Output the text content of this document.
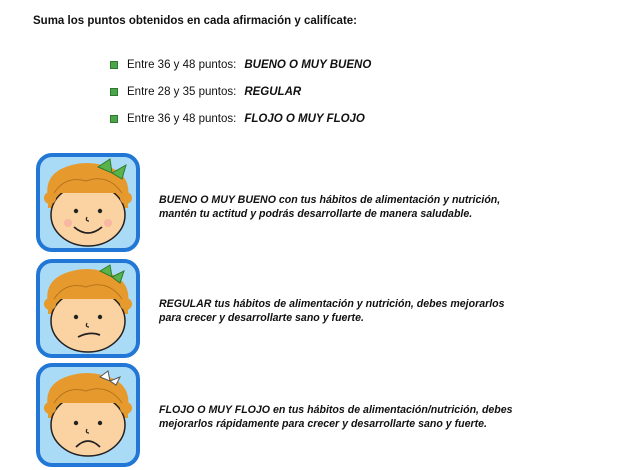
Suma los puntos obtenidos en cada afirmación y califícate:
Entre 36 y 48 puntos: BUENO O MUY BUENO
Entre 28 y 35 puntos: REGULAR
Entre 36 y 48 puntos: FLOJO O MUY FLOJO

BUENO O MUY BUENO con tus hábitos de alimentación y nutrición,

mantén tu actitud y podrás desarrollarte de manera saludable.

REGULAR tus hábitos de alimentación y nutrición, debes mejorarlos

para crecer y desarrollarte sano y fuerte.

FLOJO O MUY FLOJO en tus hábitos de alimentación/nutrición, debes

mejorarlos rápidamente para crecer y desarrollarte sano y fuerte.
